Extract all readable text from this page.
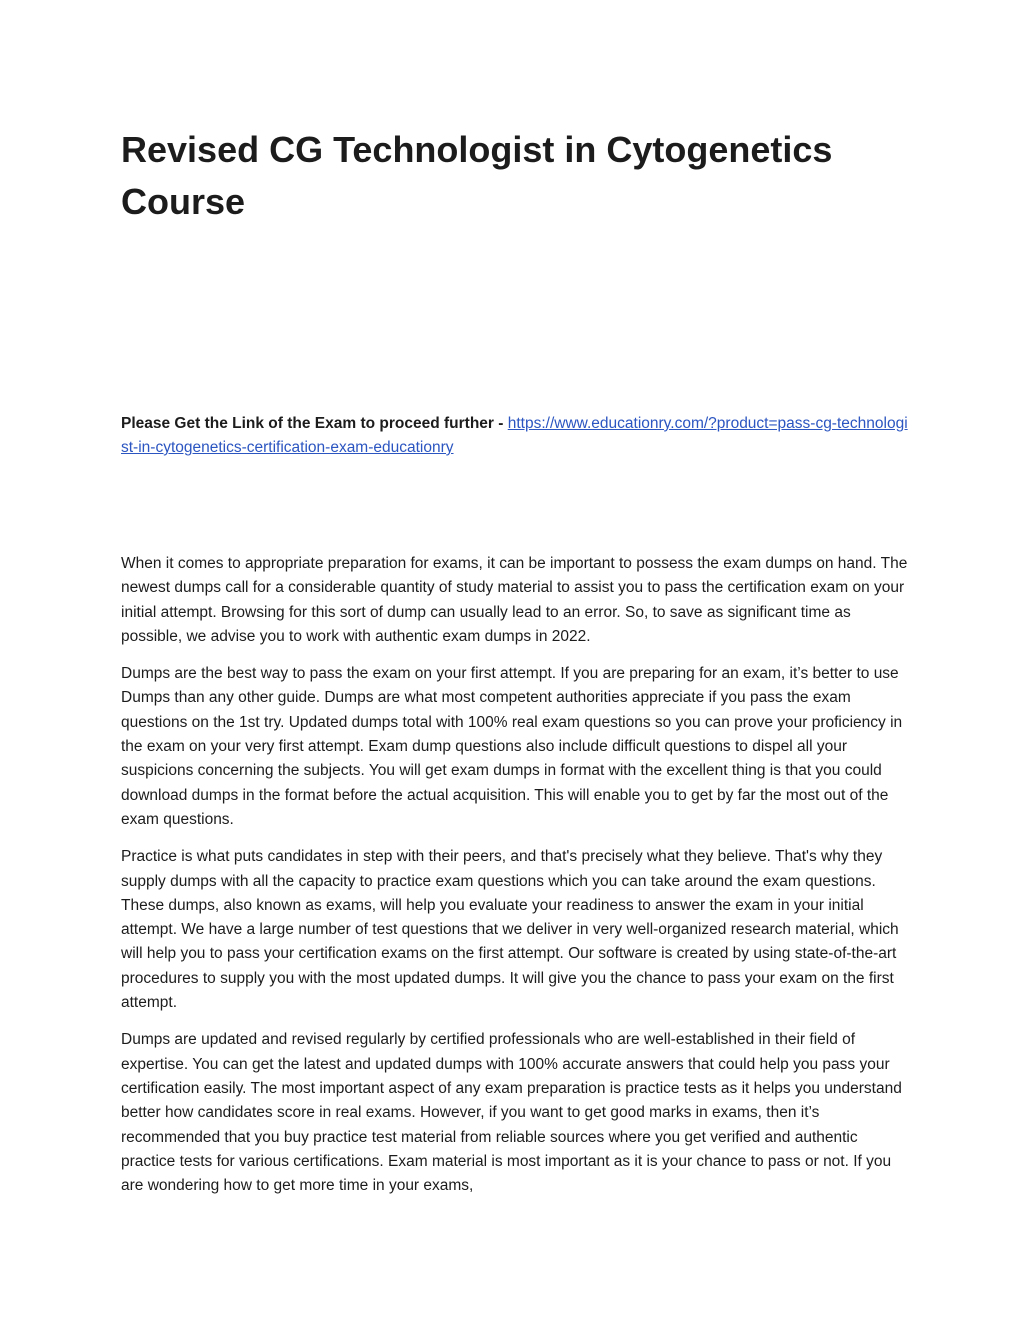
Revised CG Technologist in Cytogenetics Course

Please Get the Link of the Exam to proceed further - https://www.educationry.com/?product=pass-cg-technologist-in-cytogenetics-certification-exam-educationry

When it comes to appropriate preparation for exams, it can be important to possess the exam dumps on hand. The newest dumps call for a considerable quantity of study material to assist you to pass the certification exam on your initial attempt. Browsing for this sort of dump can usually lead to an error. So, to save as significant time as possible, we advise you to work with authentic exam dumps in 2022.

Dumps are the best way to pass the exam on your first attempt. If you are preparing for an exam, it’s better to use Dumps than any other guide. Dumps are what most competent authorities appreciate if you pass the exam questions on the 1st try. Updated dumps total with 100% real exam questions so you can prove your proficiency in the exam on your very first attempt. Exam dump questions also include difficult questions to dispel all your suspicions concerning the subjects. You will get exam dumps in format with the excellent thing is that you could download dumps in the format before the actual acquisition. This will enable you to get by far the most out of the exam questions.

Practice is what puts candidates in step with their peers, and that's precisely what they believe. That's why they supply dumps with all the capacity to practice exam questions which you can take around the exam questions. These dumps, also known as exams, will help you evaluate your readiness to answer the exam in your initial attempt. We have a large number of test questions that we deliver in very well-organized research material, which will help you to pass your certification exams on the first attempt. Our software is created by using state-of-the-art procedures to supply you with the most updated dumps. It will give you the chance to pass your exam on the first attempt.

Dumps are updated and revised regularly by certified professionals who are well-established in their field of expertise. You can get the latest and updated dumps with 100% accurate answers that could help you pass your certification easily. The most important aspect of any exam preparation is practice tests as it helps you understand better how candidates score in real exams. However, if you want to get good marks in exams, then it’s recommended that you buy practice test material from reliable sources where you get verified and authentic practice tests for various certifications. Exam material is most important as it is your chance to pass or not. If you are wondering how to get more time in your exams,
